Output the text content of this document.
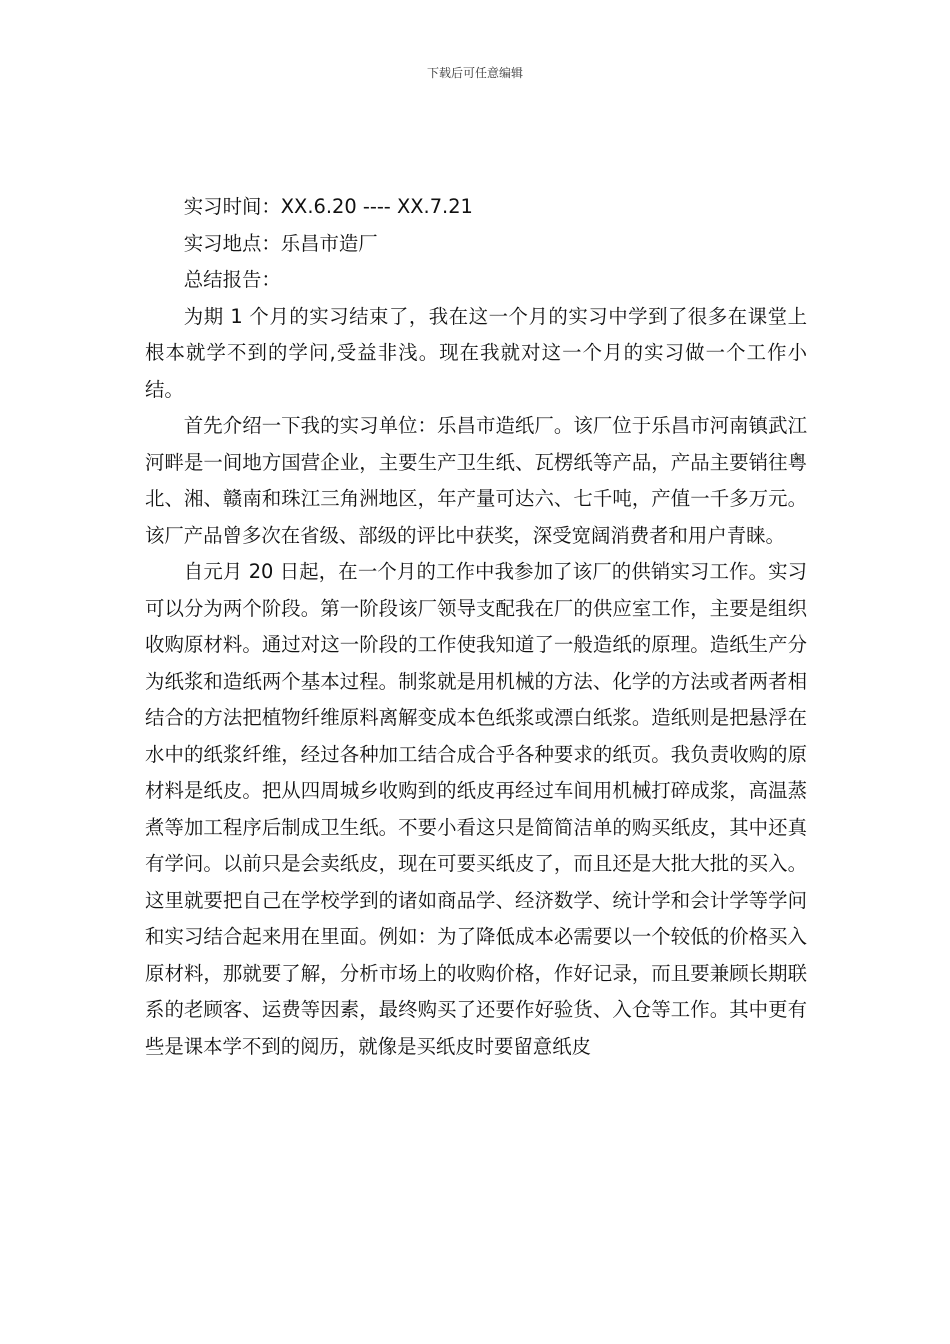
下载后可任意编辑

实习时间：XX.6.20 ---- XX.7.21

实习地点：乐昌市造厂

总结报告：

为期 1 个月的实习结束了，我在这一个月的实习中学到了很多在课堂上根本就学不到的学问,受益非浅。现在我就对这一个月的实习做一个工作小结。

首先介绍一下我的实习单位：乐昌市造纸厂。该厂位于乐昌市河南镇武江河畔是一间地方国营企业，主要生产卫生纸、瓦楞纸等产品，产品主要销往粤北、湘、赣南和珠江三角洲地区，年产量可达六、七千吨，产值一千多万元。该厂产品曾多次在省级、部级的评比中获奖，深受宽阔消费者和用户青睐。

自元月 20 日起，在一个月的工作中我参加了该厂的供销实习工作。实习可以分为两个阶段。第一阶段该厂领导支配我在厂的供应室工作，主要是组织收购原材料。通过对这一阶段的工作使我知道了一般造纸的原理。造纸生产分为纸浆和造纸两个基本过程。制浆就是用机械的方法、化学的方法或者两者相结合的方法把植物纤维原料离解变成本色纸浆或漂白纸浆。造纸则是把悬浮在水中的纸浆纤维，经过各种加工结合成合乎各种要求的纸页。我负责收购的原材料是纸皮。把从四周城乡收购到的纸皮再经过车间用机械打碎成浆，高温蒸煮等加工程序后制成卫生纸。不要小看这只是简简洁单的购买纸皮，其中还真有学问。以前只是会卖纸皮，现在可要买纸皮了，而且还是大批大批的买入。这里就要把自己在学校学到的诸如商品学、经济数学、统计学和会计学等学问和实习结合起来用在里面。例如：为了降低成本必需要以一个较低的价格买入原材料，那就要了解，分析市场上的收购价格，作好记录，而且要兼顾长期联系的老顾客、运费等因素，最终购买了还要作好验货、入仓等工作。其中更有些是课本学不到的阅历，就像是买纸皮时要留意纸皮
